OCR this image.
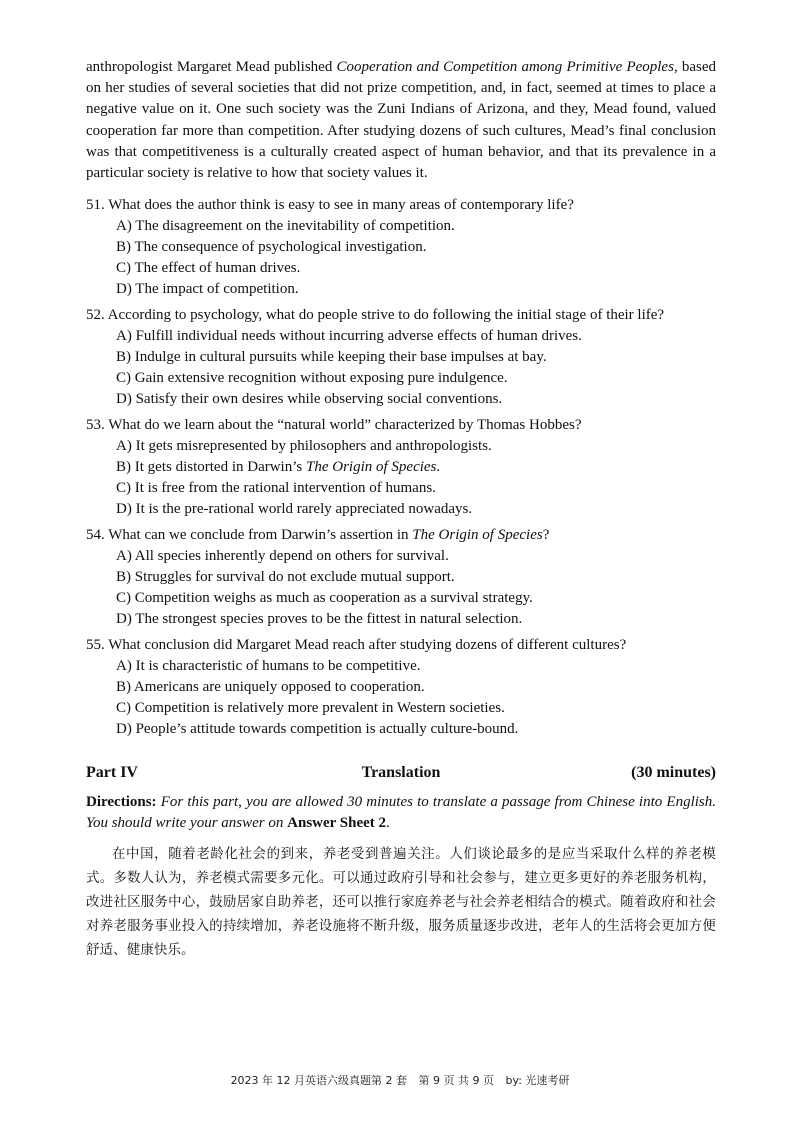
anthropologist Margaret Mead published Cooperation and Competition among Primitive Peoples, based on her studies of several societies that did not prize competition, and, in fact, seemed at times to place a negative value on it. One such society was the Zuni Indians of Arizona, and they, Mead found, valued cooperation far more than competition. After studying dozens of such cultures, Mead’s final conclusion was that competitiveness is a culturally created aspect of human behavior, and that its prevalence in a particular society is relative to how that society values it.
51. What does the author think is easy to see in many areas of contemporary life?
A) The disagreement on the inevitability of competition.
B) The consequence of psychological investigation.
C) The effect of human drives.
D) The impact of competition.
52. According to psychology, what do people strive to do following the initial stage of their life?
A) Fulfill individual needs without incurring adverse effects of human drives.
B) Indulge in cultural pursuits while keeping their base impulses at bay.
C) Gain extensive recognition without exposing pure indulgence.
D) Satisfy their own desires while observing social conventions.
53. What do we learn about the “natural world” characterized by Thomas Hobbes?
A) It gets misrepresented by philosophers and anthropologists.
B) It gets distorted in Darwin’s The Origin of Species.
C) It is free from the rational intervention of humans.
D) It is the pre-rational world rarely appreciated nowadays.
54. What can we conclude from Darwin’s assertion in The Origin of Species?
A) All species inherently depend on others for survival.
B) Struggles for survival do not exclude mutual support.
C) Competition weighs as much as cooperation as a survival strategy.
D) The strongest species proves to be the fittest in natural selection.
55. What conclusion did Margaret Mead reach after studying dozens of different cultures?
A) It is characteristic of humans to be competitive.
B) Americans are uniquely opposed to cooperation.
C) Competition is relatively more prevalent in Western societies.
D) People’s attitude towards competition is actually culture-bound.
Part IV	Translation	(30 minutes)
Directions: For this part, you are allowed 30 minutes to translate a passage from Chinese into English. You should write your answer on Answer Sheet 2.
在中国，随着老龄化社会的到来，养老受到普遍关注。人们谈论最多的是应当采取什么样的养老模式。多数人认为，养老模式需要多元化。可以通过政府引导和社会参与，建立更多更好的养老服务机构，改进社区服务中心，鼓励居家自助养老，还可以推行家庭养老与社会养老相结合的模式。随着政府和社会对养老服务事业投入的持续增加，养老设施将不断升级，服务质量逐步改进，老年人的生活将会更加方便舒适、健康快乐。
2023 年 12 月英语六级真题第 2 套 第 9 页 共 9 页 by: 光速考研
